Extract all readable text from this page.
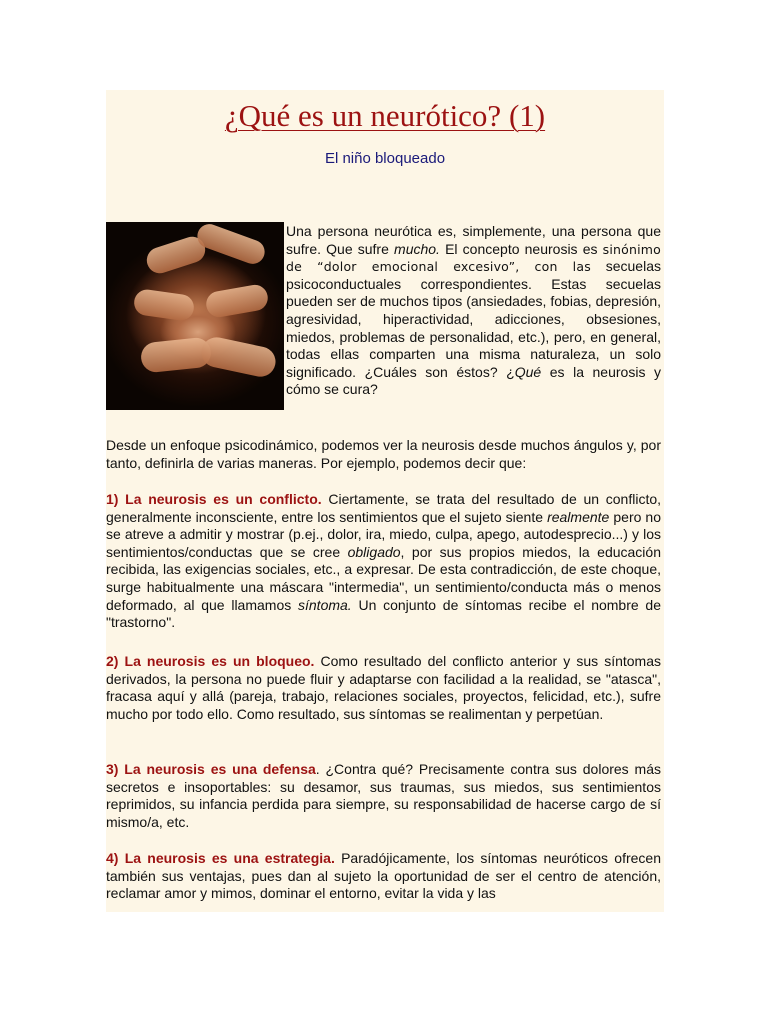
¿Qué es un neurótico? (1)
El niño bloqueado
Una persona neurótica es, simplemente, una persona que sufre. Que sufre mucho. El concepto neurosis es sinónimo de “dolor emocional excesivo”, con las secuelas psicoconductuales correspondientes. Estas secuelas pueden ser de muchos tipos (ansiedades, fobias, depresión, agresividad, hiperactividad, adicciones, obsesiones, miedos, problemas de personalidad, etc.), pero, en general, todas ellas comparten una misma naturaleza, un solo significado. ¿Cuáles son éstos? ¿Qué es la neurosis y cómo se cura?

Desde un enfoque psicodinámico, podemos ver la neurosis desde muchos ángulos y, por tanto, definirla de varias maneras. Por ejemplo, podemos decir que:

1) La neurosis es un conflicto. Ciertamente, se trata del resultado de un conflicto, generalmente inconsciente, entre los sentimientos que el sujeto siente realmente pero no se atreve a admitir y mostrar (p.ej., dolor, ira, miedo, culpa, apego, autodesprecio...) y los sentimientos/conductas que se cree obligado, por sus propios miedos, la educación recibida, las exigencias sociales, etc., a expresar. De esta contradicción, de este choque, surge habitualmente una máscara "intermedia", un sentimiento/conducta más o menos deformado, al que llamamos síntoma. Un conjunto de síntomas recibe el nombre de "trastorno".
2) La neurosis es un bloqueo. Como resultado del conflicto anterior y sus síntomas derivados, la persona no puede fluir y adaptarse con facilidad a la realidad, se "atasca", fracasa aquí y allá (pareja, trabajo, relaciones sociales, proyectos, felicidad, etc.), sufre mucho por todo ello. Como resultado, sus síntomas se realimentan y perpetúan.
3) La neurosis es una defensa. ¿Contra qué? Precisamente contra sus dolores más secretos e insoportables: su desamor, sus traumas, sus miedos, sus sentimientos reprimidos, su infancia perdida para siempre, su responsabilidad de hacerse cargo de sí mismo/a, etc.
4) La neurosis es una estrategia. Paradójicamente, los síntomas neuróticos ofrecen también sus ventajas, pues dan al sujeto la oportunidad de ser el centro de atención, reclamar amor y mimos, dominar el entorno, evitar la vida y las
